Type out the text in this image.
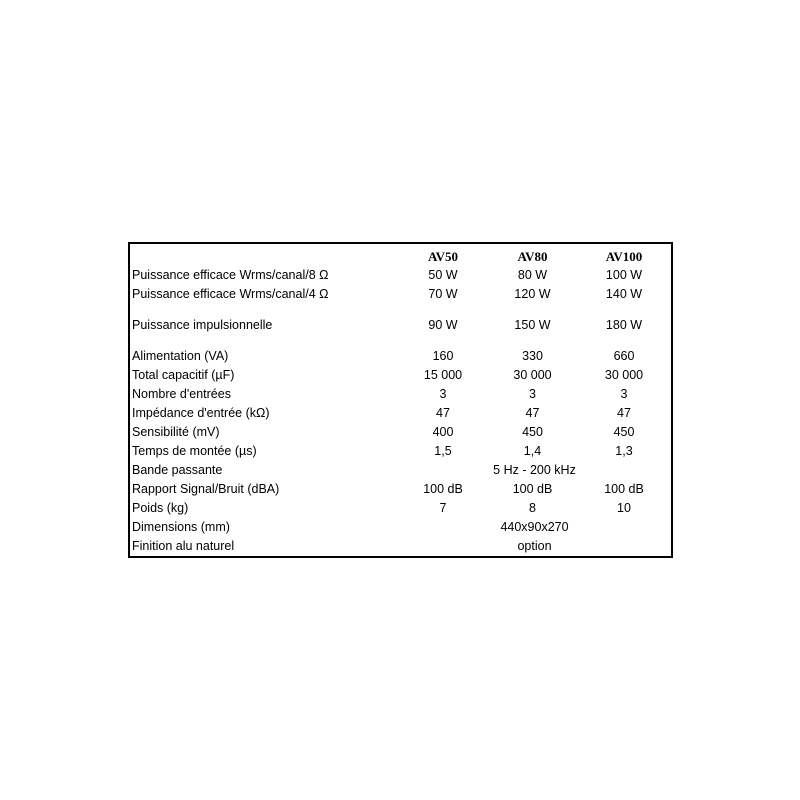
	AV50	AV80	AV100
Puissance efficace Wrms/canal/8 Ω	50 W	80 W	100 W
Puissance efficace Wrms/canal/4 Ω	70 W	120 W	140 W
Puissance impulsionnelle	90 W	150 W	180 W
Alimentation (VA)	160	330	660
Total capacitif (µF)	15 000	30 000	30 000
Nombre d'entrées	3	3	3
Impédance d'entrée (kΩ)	47	47	47
Sensibilité (mV)	400	450	450
Temps de montée (µs)	1,5	1,4	1,3
Bande passante	5 Hz - 200 kHz		
Rapport Signal/Bruit (dBA)	100 dB	100 dB	100 dB
Poids (kg)	7	8	10
Dimensions (mm)	440x90x270		
Finition alu naturel	option		
